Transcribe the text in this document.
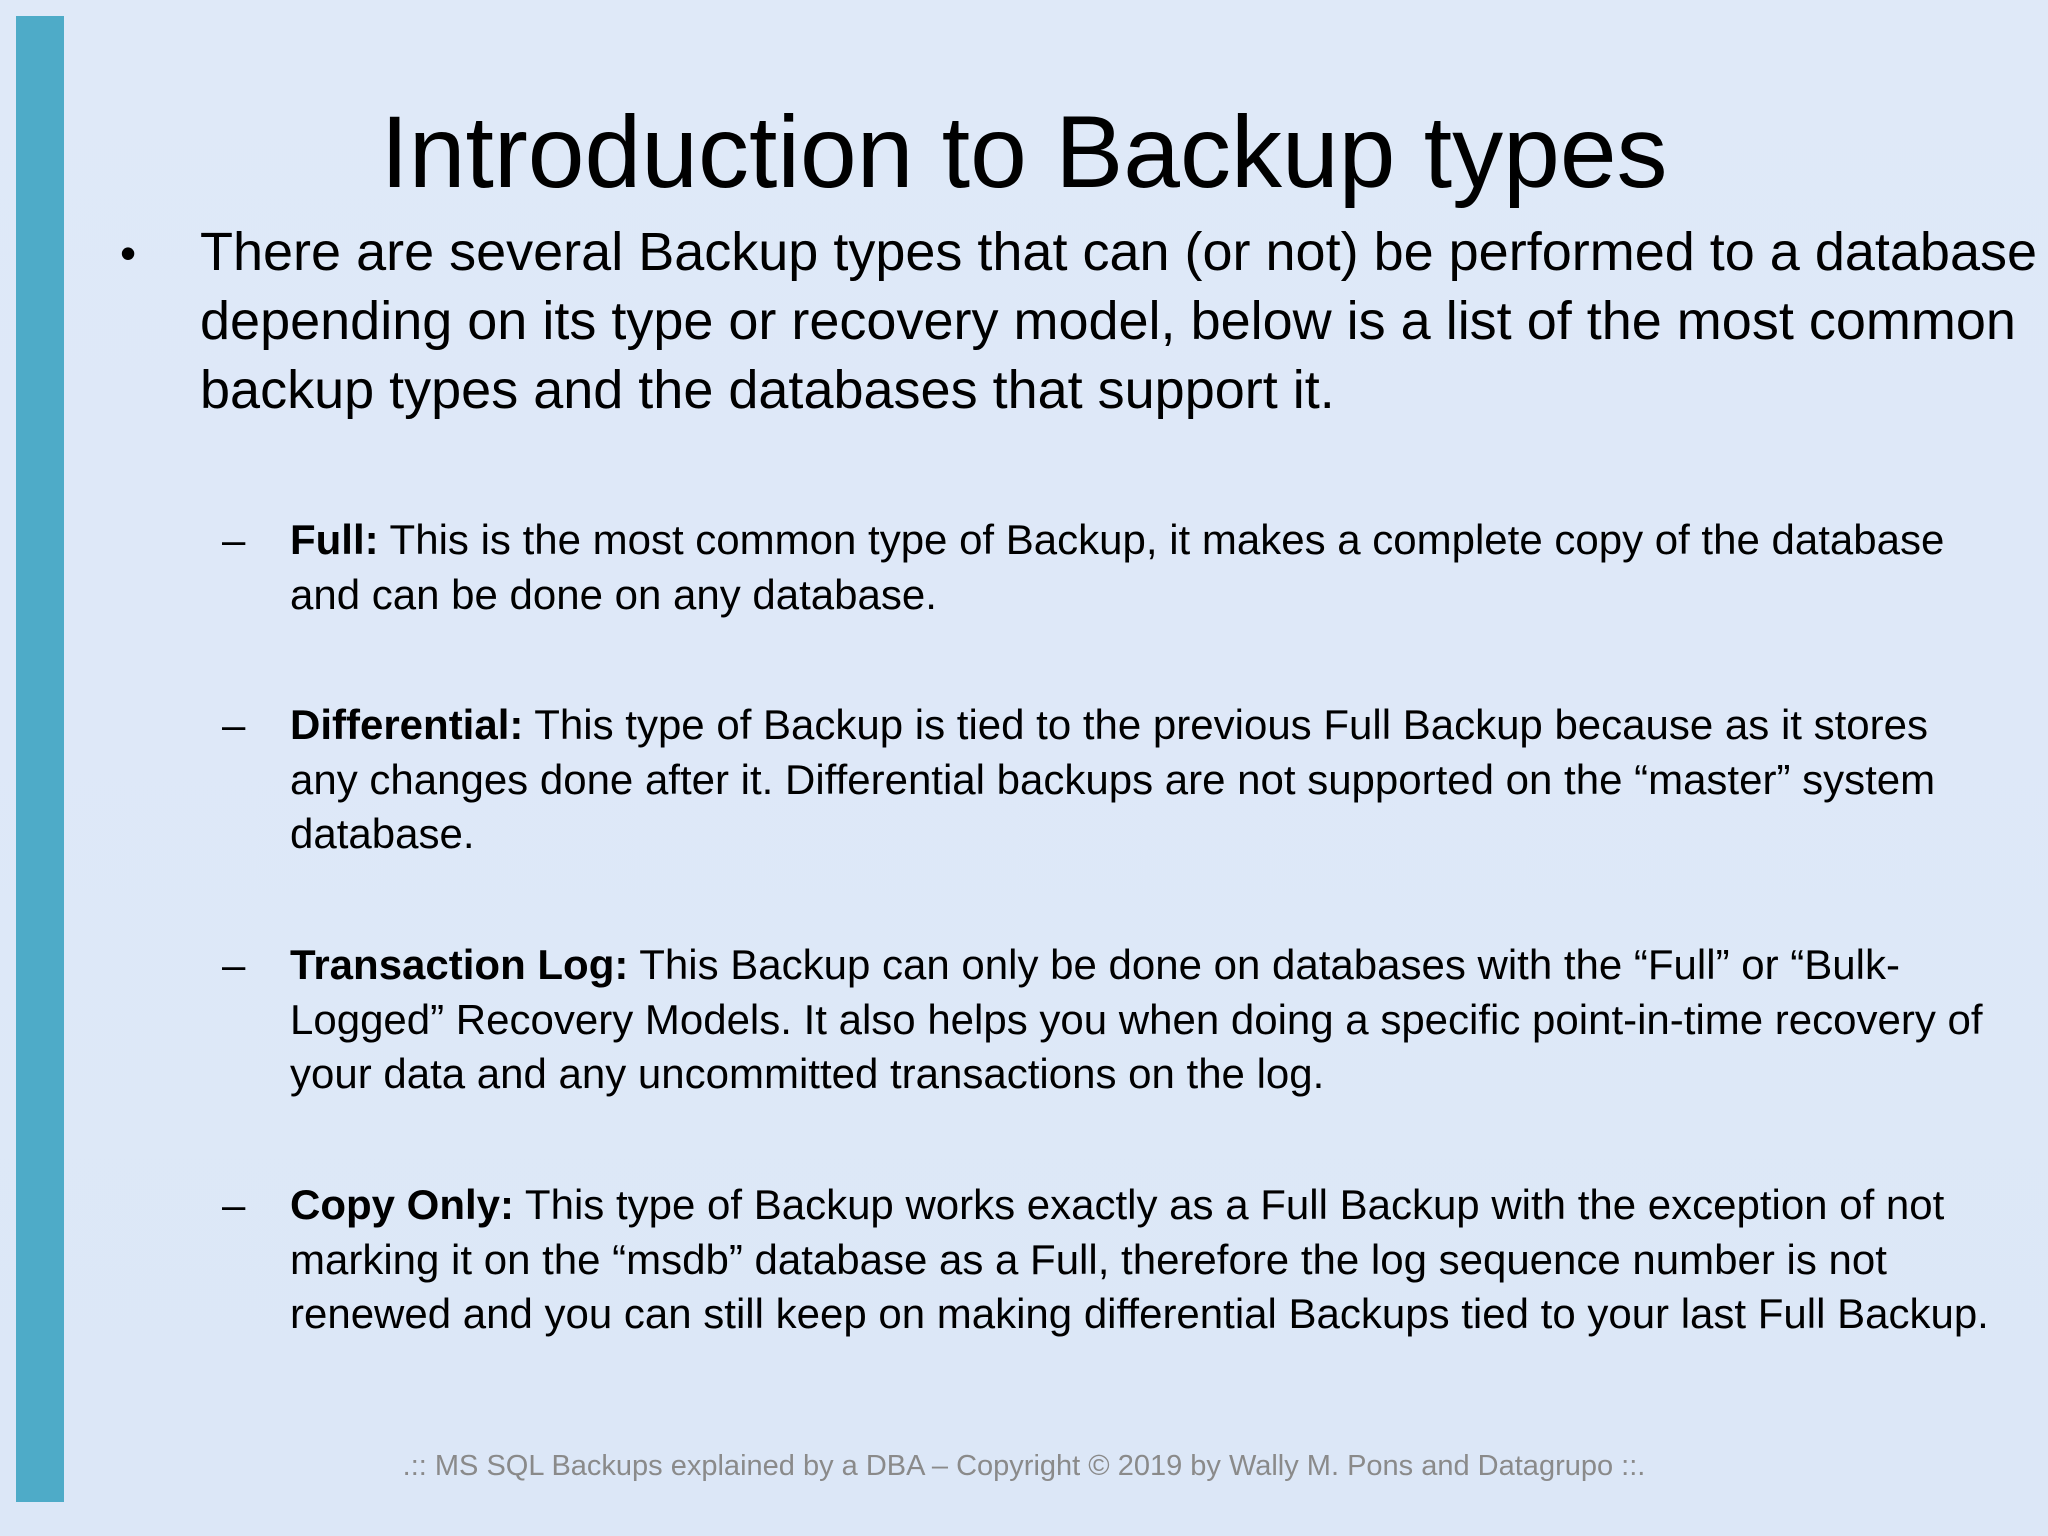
Introduction to Backup types
• There are several Backup types that can (or not) be performed to a database depending on its type or recovery model, below is a list of the most common backup types and the databases that support it.

– Full: This is the most common type of Backup, it makes a complete copy of the database and can be done on any database.

– Differential: This type of Backup is tied to the previous Full Backup because as it stores any changes done after it. Differential backups are not supported on the “master” system database.

– Transaction Log: This Backup can only be done on databases with the “Full” or “Bulk-Logged” Recovery Models. It also helps you when doing a specific point-in-time recovery of your data and any uncommitted transactions on the log.

– Copy Only: This type of Backup works exactly as a Full Backup with the exception of not marking it on the “msdb” database as a Full, therefore the log sequence number is not renewed and you can still keep on making differential Backups tied to your last Full Backup.

.:: MS SQL Backups explained by a DBA – Copyright © 2019 by Wally M. Pons and Datagrupo ::.
